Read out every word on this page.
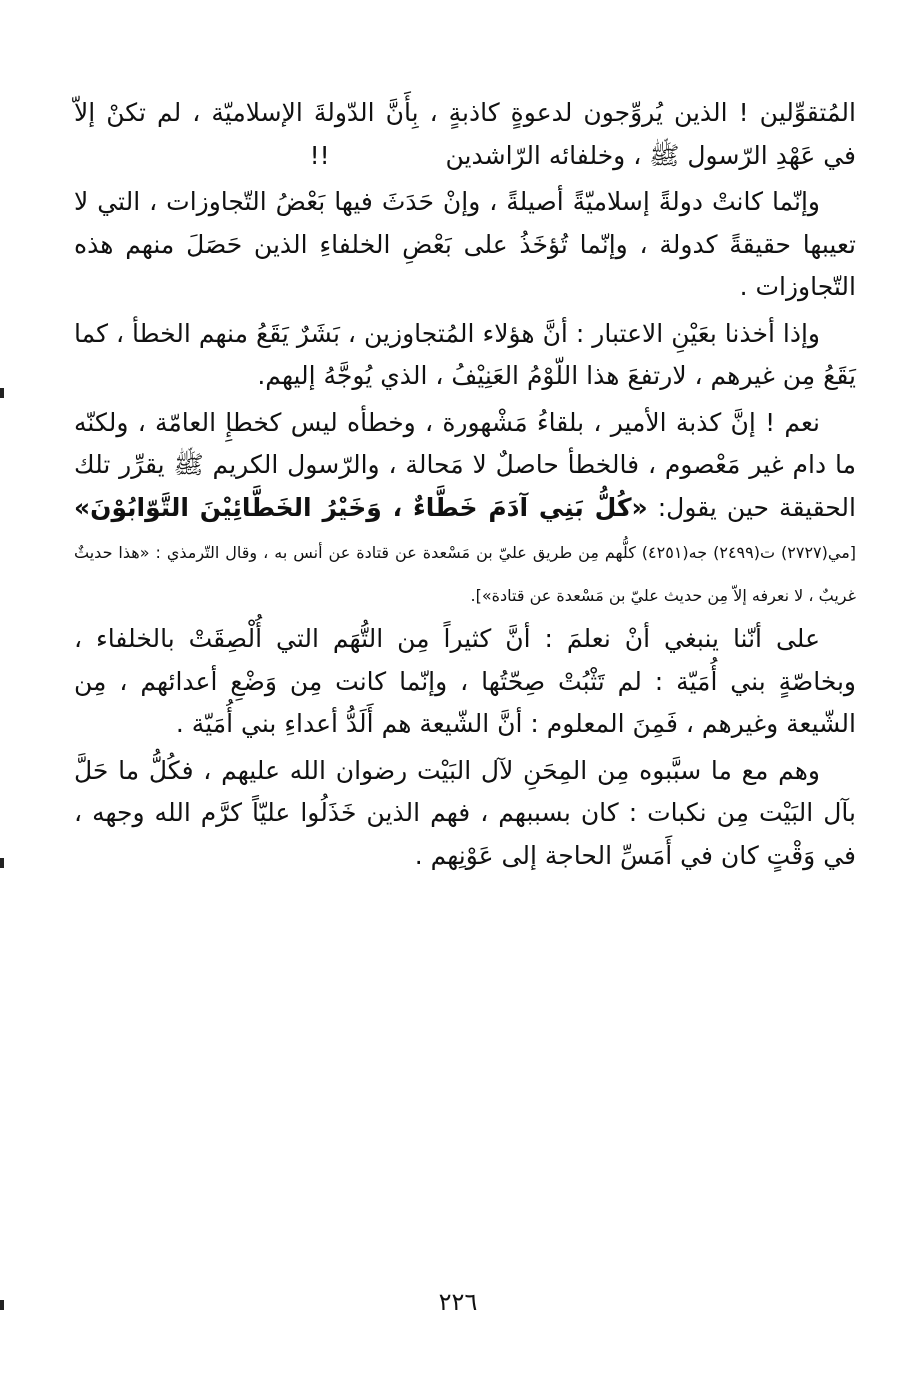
المُتقوِّلين ! الذين يُروِّجون لدعوةٍ كاذبةٍ ، بِأَنَّ الدّولةَ الإسلاميّة ، لم تكنْ إلاّ في عَهْدِ الرّسول ﷺ ، وخلفائه الرّاشدين  !!

وإنّما كانتْ دولةً إسلاميّةً أصيلةً ، وإنْ حَدَثَ فيها بَعْضُ التّجاوزات ، التي لا تعيبها حقيقةً كدولة ، وإنّما تُؤخَذُ على بَعْضِ الخلفاءِ الذين حَصَلَ منهم هذه التّجاوزات .

وإذا أخذنا بعَيْنِ الاعتبار : أنَّ هؤلاء المُتجاوزين ، بَشَرٌ يَقَعُ منهم الخطأ ، كما يَقَعُ مِن غيرهم ، لارتفعَ هذا اللّوْمُ العَنِيْفُ ، الذي يُوجَّهُ إليهم.

نعم ! إنَّ كذبة الأمير ، بلقاءُ مَشْهورة ، وخطأه ليس كخطإِ العامّة ، ولكنّه ما دام غير مَعْصوم ، فالخطأ حاصلٌ لا مَحالة ، والرّسول الكريم ﷺ يقرِّر تلك الحقيقة حين يقول: «كُلُّ بَنِي آدَمَ خَطَّاءٌ ، وَخَيْرُ الخَطَّائِيْنَ التَّوّابُوْنَ» [مي(٢٧٢٧) ت(٢٤٩٩) جه(٤٢٥١) كلُّهم مِن طريق عليّ بن مَسْعدة عن قتادة عن أنس به ، وقال التّرمذي : «هذا حديثٌ غريبٌ ، لا نعرفه إلاّ مِن حديث عليّ بن مَسْعدة عن قتادة»].

على أنّنا ينبغي أنْ نعلمَ : أنَّ كثيراً مِن التُّهَم التي أُلْصِقَتْ بالخلفاء ، وبخاصّةٍ بني أُمَيّة : لم تَثْبُتْ صِحّتُها ، وإنّما كانت مِن وَضْعِ أعدائهم ، مِن الشّيعة وغيرهم ، فَمِنَ المعلوم : أنَّ الشّيعة هم أَلَدُّ أعداءِ بني أُمَيّة .

وهم مع ما سبَّبوه مِن المِحَنِ لآل البَيْت رضوان الله عليهم ، فكُلُّ ما حَلَّ بآل البَيْت مِن نكبات : كان بسببهم ، فهم الذين خَذَلُوا عليّاً كرَّم الله وجهه ، في وَقْتٍ كان في أَمَسِّ الحاجة إلى عَوْنِهم .

٢٢٦
